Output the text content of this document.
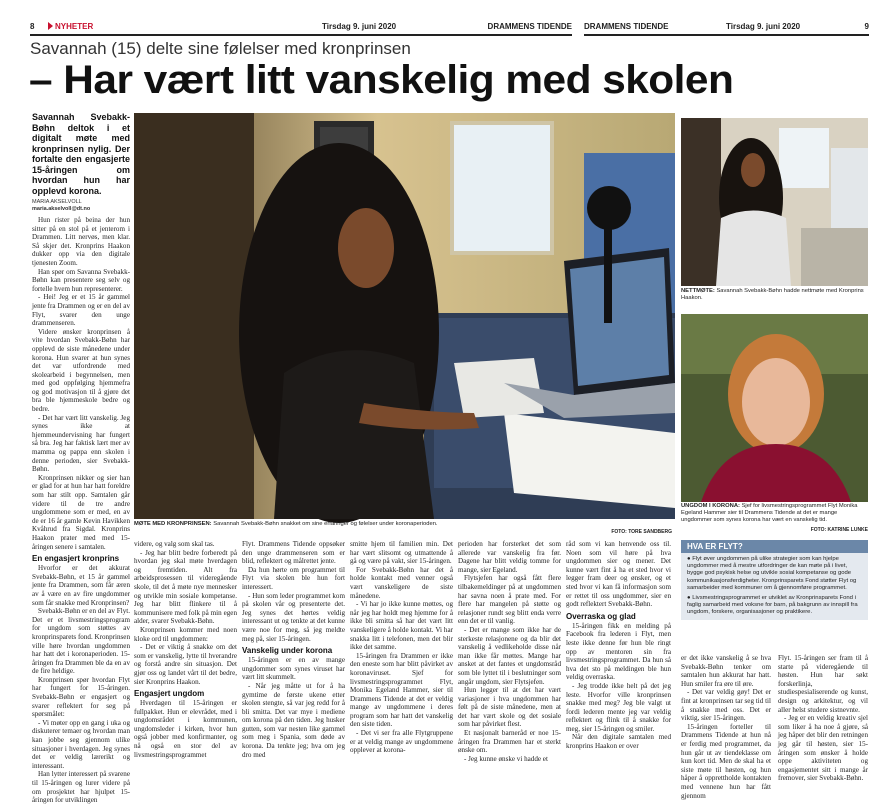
8	NYHETER	Tirsdag 9. juni 2020	DRAMMENS TIDENDE DRAMMENS TIDENDE	Tirsdag 9. juni 2020	9
Savannah (15) delte sine følelser med kronprinsen
– Har vært litt vanskelig med skolen
Savannah Svebakk-Bøhn deltok i et digitalt møte med kronprinsen nylig. Der fortalte den engasjerte 15-åringen om hvordan hun har opplevd korona.
MARIA AKSELVOLL
maria.akselvoll@dt.no

Hun rister på beina der hun sitter på en stol på et jenterom i Drammen. Litt nervøs, men klar. Så skjer det. Kronprins Haakon dukker opp via den digitale tjenesten Zoom.

Han spør om Savanna Svebakk-Bøhn kan presentere seg selv og fortelle hvem hun representerer.

- Hei! Jeg er et 15 år gammel jente fra Drammen og er en del av Flyt, svarer den unge drammenseren.

Videre ønsker kronprinsen å vite hvordan Svebakk-Bøhn har opplevd de siste månedene under korona. Hun svarer at hun synes det var utfordrende med skolearbeid i begynnelsen, men med god oppfølging hjemmefra og god motivasjon til å gjøre det bra ble hjemmeskole bedre og bedre.

- Det har vært litt vanskelig. Jeg synes ikke at hjemmeundervisning har fungert så bra. Jeg har faktisk lært mer av mamma og pappa enn skolen i denne perioden, sier Svebakk-Bøhn.

Kronprinsen nikker og sier han er glad for at hun har hatt foreldre som har stilt opp. Samtalen går videre til de tre andre ungdommene som er med, en av de er 16 år gamle Kevin Havikken Kvåhrud fra Sigdal. Kronprins Haakon prater med med 15-åringen senere i samtalen.

En engasjert kronprins

Hvorfor er det akkurat Svebakk-Bøhn, et 15 år gammel jente fra Drammen, som får æren av å være en av fire ungdommer som får snakke med Kronprinsen?

Svebakk-Bøhn er en del av Flyt. Det er et livsmestringsprogram for ungdom som støttes av kronprinsparets fond. Kronprinsen ville høre hvordan ungdommen har hatt det i koronaperioden. 15-åringen fra Drammen ble da en av de fire heldige.

Kronprinsen spør hvordan Flyt har fungert for 15-åringen. Svebakk-Bøhn er engasjert og svarer reflektert for seg på spørsmålet:

- Vi møter opp en gang i uka og diskuterer temaer og hvordan man kan jobbe seg gjennom ulike situasjoner i hverdagen. Jeg synes det er veldig lærerikt og interessant.

Han lytter interessert på svarene til 15-åringen og lurer videre på om prosjektet har hjulpet 15-åringen for utviklingen

MØTE MED KRONPRINSEN: Savannah Svebakk-Bøhn snakket om sine erfaringer og følelser under koronaperioden.
FOTO: TORE SANDBERG
NETTMØTE: Savannah Svebakk-Bøhn hadde nettmøte med Kronprins Haakon.
UNGDOM I KORONA: Sjef for livsmestringsprogrammet Flyt Monika Egeland Hammer sier til Drammens Tidende at det er mange ungdommer som synes korona har vært en vanskelig tid.
FOTO: KATRINE LUNKE

videre, og valg som skal tas.

- Jeg har blitt bedre forberedt på hvordan jeg skal møte hverdagen og fremtiden. Alt fra arbeidsprosessen til videregående skole, til det å møte nye mennesker og utvikle min sosiale kompetanse. Jeg har blitt flinkere til å kommunisere med folk på min egen alder, svarer Svebakk-Bøhn.

Kronprinsen kommer med noen kloke ord til ungdommen:

- Det er viktig å snakke om det som er vanskelig, lytte til hverandre og forstå andre sin situasjon. Det gjør oss og landet vårt til det bedre, sier Kronprins Haakon.

Engasjert ungdom

Hverdagen til 15-åringen er fullpakket. Hun er elevrådet, med i ungdomsrådet i kommunen, ungdomsleder i kirken, hvor hun også jobber med konfirmanter, og nå også en stor del av livsmestringsprogrammet

Flyt. Drammens Tidende oppsøker den unge drammenseren som er blid, reflektert og målrettet jente.

Da hun hørte om programmet til Flyt via skolen ble hun fort interessert.

- Hun som leder programmet kom på skolen vår og presenterte det. Jeg synes det hørtes veldig interessant ut og tenkte at det kunne være noe for meg, så jeg meldte meg på, sier 15-åringen.

Vanskelig under korona

15-åringen er en av mange ungdommer som synes viruset har vært litt skummelt.

- Når jeg måtte ut for å ha gymtime de første ukene etter skolen stengte, så var jeg redd for å bli smitta. Det var mye i mediene om korona på den tiden. Jeg husker gutten, som var nesten like gammel som meg i Spania, som døde av korona. Da tenkte jeg; hva om jeg dro med

smitte hjem til familien min. Det har vært slitsomt og utmattende å gå og være på vakt, sier 15-åringen.

For Svebakk-Bøhn har det å holde kontakt med venner også vært vanskeligere de siste månedene.

- Vi har jo ikke kunne møttes, og når jeg har holdt meg hjemme for å ikke bli smitta så har det vært litt vanskeligere å holde kontakt. Vi har snakka litt i telefonen, men det blir ikke det samme.

15-åringen fra Drammen er ikke den eneste som har blitt påvirket av koronaviruset. Sjef for livsmestringsprogrammet Flyt, Monika Egeland Hammer, sier til Drammens Tidende at det er veldig mange av ungdommene i deres program som har hatt det vanskelig den siste tiden.

- Det vi ser fra alle Flytgruppene er at veldig mange av ungdommene opplever at korona-

perioden har forsterket det som allerede var vanskelig fra før. Dagene har blitt veldig tomme for mange, sier Egeland.

Flytsjefen har også fått flere tilbakemeldinger på at ungdommen har savna noen å prate med. For flere har mangelen på støtte og relasjoner rundt seg blitt enda verre enn det er til vanlig.

- Det er mange som ikke har de sterkeste relasjonene og da blir det vanskelig å vedlikeholde disse når man ikke får møttes. Mange har ansket at det fantes et ungdomsråd som ble lyttet til i beslutninger som angår ungdom, sier Flytsjefen.

Hun legger til at det har vært variasjoner i hva ungdommen har følt på de siste månedene, men at det har vært skole og det sosiale som har påvirket flest.

Et nasjonalt barneråd er noe 15-åringen fra Drammen har et sterkt ønske om.

- Jeg kunne ønske vi hadde et

råd som vi kan henvende oss til. Noen som vil høre på hva ungdommen sier og mener. Det kunne vært fint å ha et sted hvor vi legger fram deer og ønsker, og et sted hvor vi kan få informasjon som er rettet til oss ungdommer, sier en godt reflektert Svebakk-Bøhn.

Overraska og glad

15-åringen fikk en melding på Facebook fra lederen i Flyt, men leste ikke denne før hun ble ringt opp av mentoren sin fra livsmestringsprogrammet. Da hun så hva det sto på meldingen ble hun veldig overraska.

- Jeg trodde ikke helt på det jeg leste. Hvorfor ville kronprinsen snakke med meg? Jeg ble valgt ut fordi lederen mente jeg var veldig reflektert og flink til å snakke for meg, sier 15-åringen og smiler.

Når den digitale samtalen med kronprins Haakon er over

HVA ER FLYT?
● Flyt øver ungdommen på ulike strategier som kan hjelpe ungdommer med å mestre utfordringer de kan møte på i livet, bygge god psykisk helse og utvikle sosial kompetanse og gode kommunikasjonsferdigheter. Kronprinsparets Fond støtter Flyt og samarbeider med kommuner om å gjennomføre programmet.
● Livsmestringsprogrammet er utviklet av Kronprinsparets Fond i faglig samarbeid med voksne for barn, på bakgrunn av innspill fra ungdom, forskere, organisasjoner og praktikere.

er det ikke vanskelig å se hva Svebakk-Bøhn tenker om samtalen hun akkurat har hatt. Hun smiler fra øre til øre.

- Det var veldig gøy! Det er fint at kronprinsen tar seg tid til å snakke med oss. Det er viktig, sier 15-åringen.

15-åringen forteller til Drammens Tidende at hun nå er ferdig med programmet, da hun går ut av tiendeklasse om kun kort tid. Men de skal ha et siste møte til høsten, og hun håper å opprettholde kontakten med vennene hun har fått gjennom

Flyt. 15-åringen ser fram til å starte på videregående til høsten. Hun har søkt forskerlinja, studiespesialiserende og kunst, design og arkitektur, og vil aller helst studere sistnevnte.

- Jeg er en veldig kreativ sjel som liker å ha noe å gjøre, så jeg håper det blir den retningen jeg går til høsten, sier 15-åringen som ønsker å holde oppe aktiviteten og engasjementet sitt i mange år fremover, sier Svebakk-Bøhn.
